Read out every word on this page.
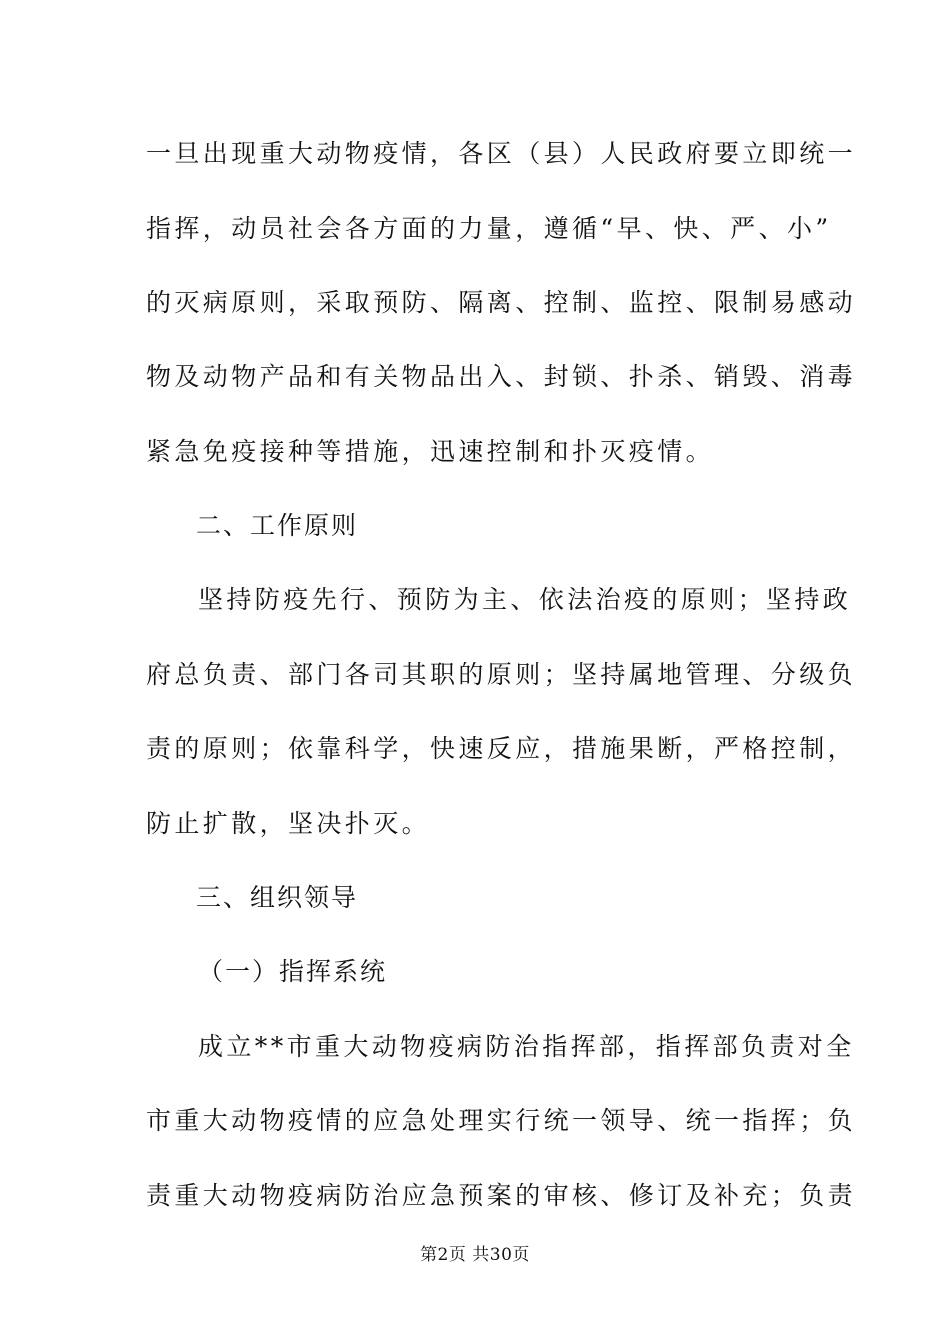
一旦出现重大动物疫情，各区（县）人民政府要立即统一
指挥，动员社会各方面的力量，遵循“早、快、严、小”
的灭病原则，采取预防、隔离、控制、监控、限制易感动
物及动物产品和有关物品出入、封锁、扑杀、销毁、消毒
紧急免疫接种等措施，迅速控制和扑灭疫情。
二、工作原则
坚持防疫先行、预防为主、依法治疫的原则；坚持政
府总负责、部门各司其职的原则；坚持属地管理、分级负
责的原则；依靠科学，快速反应，措施果断，严格控制，
防止扩散，坚决扑灭。
三、组织领导
（一）指挥系统
成立**市重大动物疫病防治指挥部，指挥部负责对全
市重大动物疫情的应急处理实行统一领导、统一指挥；负
责重大动物疫病防治应急预案的审核、修订及补充；负责
第2页 共30页
